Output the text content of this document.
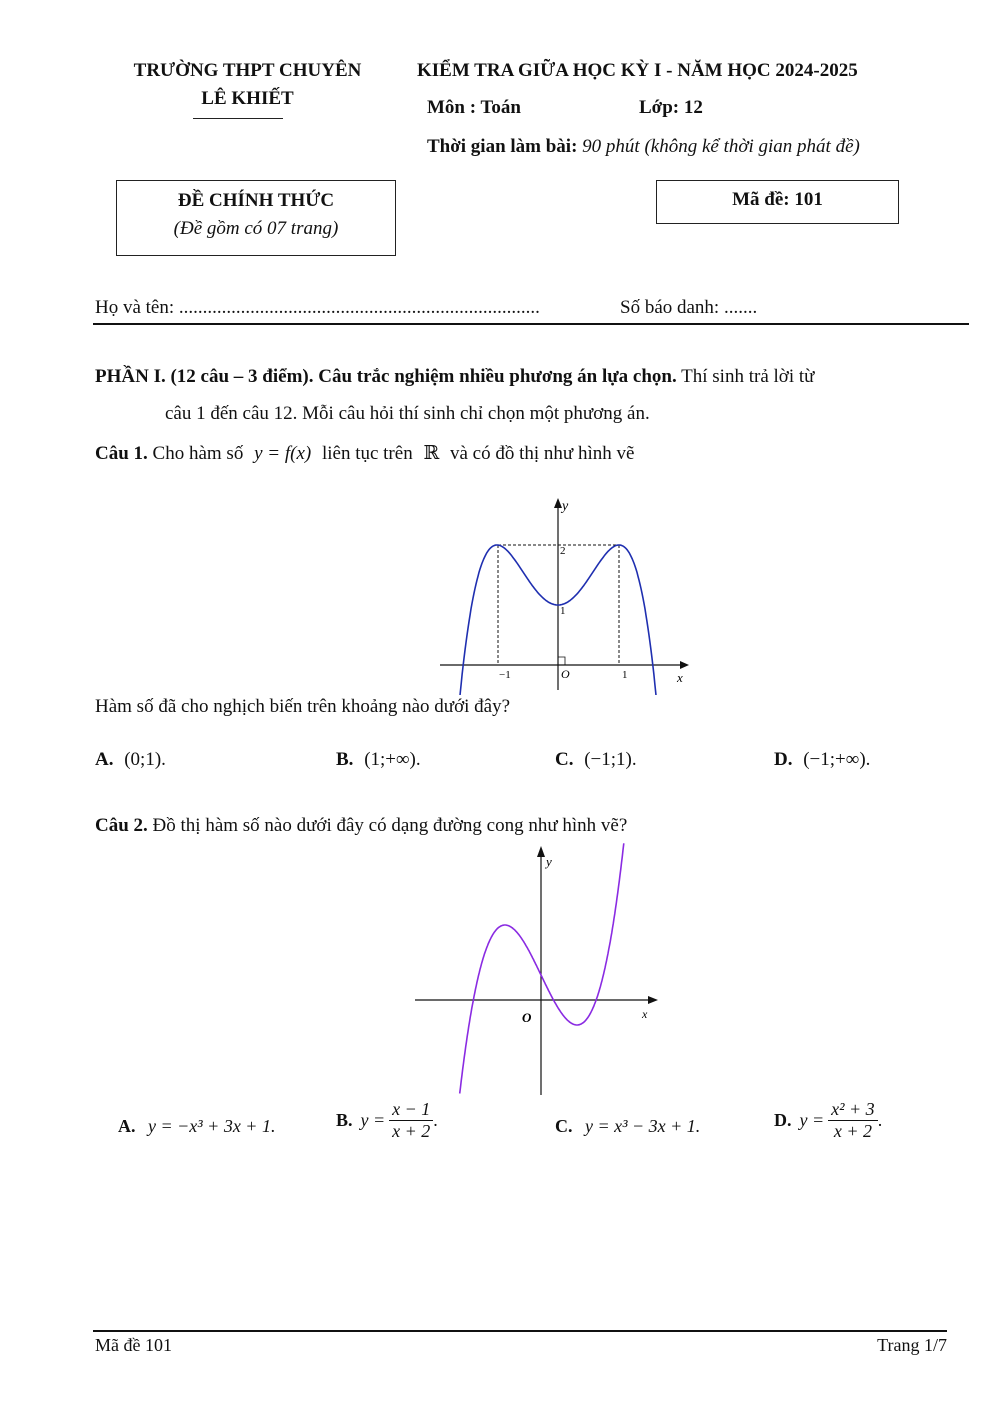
TRƯỜNG THPT CHUYÊN
LÊ KHIẾT
KIỂM TRA GIỮA HỌC KỲ I - NĂM HỌC 2024-2025
Môn : Toán	Lớp: 12
Thời gian làm bài: 90 phút (không kể thời gian phát đề)
ĐỀ CHÍNH THỨC
(Đề gồm có 07 trang)
Mã đề: 101
Họ và tên: ............................................................................	Số báo danh: .......
PHẦN I. (12 câu – 3 điểm). Câu trắc nghiệm nhiều phương án lựa chọn. Thí sinh trả lời từ
câu 1 đến câu 12. Mỗi câu hỏi thí sinh chỉ chọn một phương án.
Câu 1. Cho hàm số y = f(x) liên tục trên ℝ và có đồ thị như hình vẽ
y
x
O
2
1
−1	1
Hàm số đã cho nghịch biến trên khoảng nào dưới đây?
A. (0;1).	B. (1;+∞).	C. (−1;1).	D. (−1;+∞).
Câu 2. Đồ thị hàm số nào dưới đây có dạng đường cong như hình vẽ?
y
x
O
A. y = −x³ + 3x + 1.	B. $y = \frac{x - 1}{x + 2}$ .	C. y = x³ − 3x + 1.	D. $y = \frac{\text{x² + 3}}{x + 2}$ .
Mã đề 101	Trang 1/7
